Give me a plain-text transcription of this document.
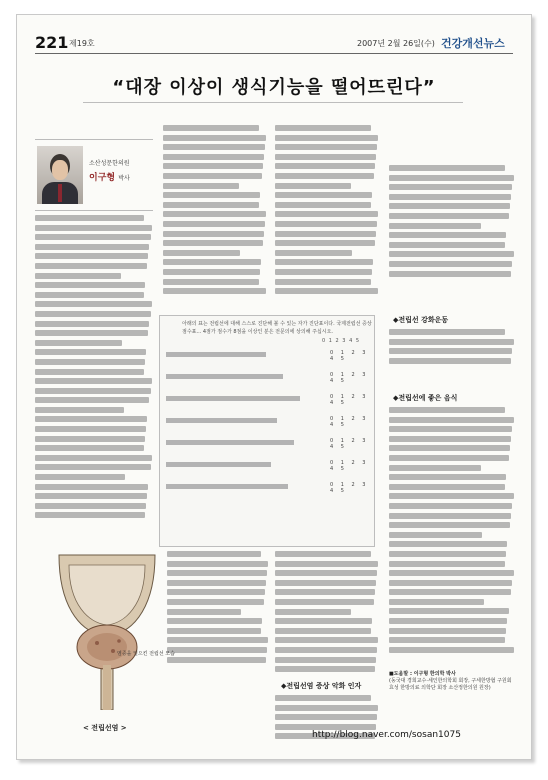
221 제19호	2007년 2월 26일(수) 건강개선뉴스
“대장 이상이 생식기능을 떨어뜨린다”
소산성문한의원
이구형 박사
◆전립선 강화운동
◆전립선에 좋은 음식
◆전립선염 증상 악화 인자
아래의 표는 전립선에 대해 스스로 진단해 볼 수 있는 자가 진단표이다. 국제전립선 증상 점수표... 4점가 점수가 8점을 이상인 분은 전문의에 상의해 주십시오.
0 1 2 3 4 5
0 1 2 3 4 5
0 1 2 3 4 5
0 1 2 3 4 5
0 1 2 3 4 5
0 1 2 3 4 5
0 1 2 3 4 5
0 1 2 3 4 5
< 전립선염 >
염증을 일으킨 전립선 모습
■도움말 : 이구형 한의학 박사
(동국대 경희교수·세인한의학회 회장, 구세한방협 구원회 효성 한방의료 의학단 회장 소산정한의원 원장)
http://blog.naver.com/sosan1075
